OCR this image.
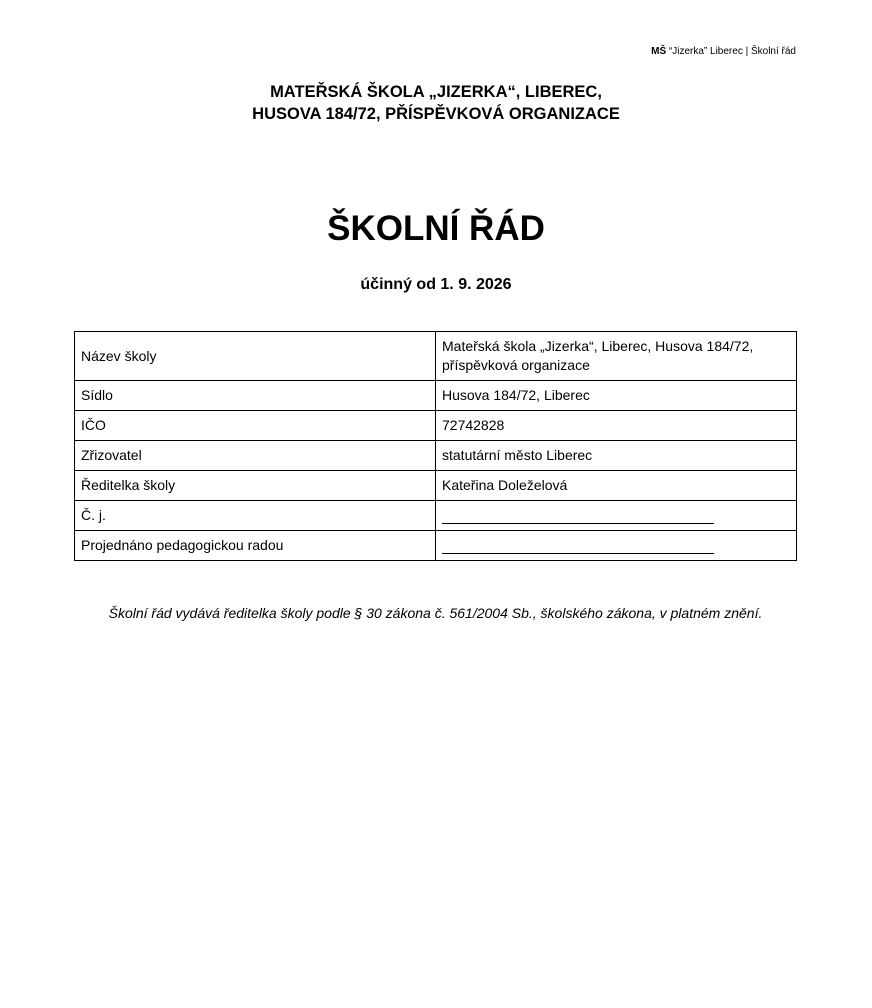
MŠ “Jizerka” Liberec | Školní řád
MATEŘSKÁ ŠKOLA „JIZERKA“, LIBEREC,
HUSOVA 184/72, PŘÍSPĚVKOVÁ ORGANIZACE
ŠKOLNÍ ŘÁD
účinný od 1. 9. 2026
Název školy	Mateřská škola „Jizerka“, Liberec, Husova 184/72, příspěvková organizace
Sídlo	Husova 184/72, Liberec
IČO	72742828
Zřizovatel	statutární město Liberec
Ředitelka školy	Kateřina Doleželová
Č. j.	
Projednáno pedagogickou radou	
Školní řád vydává ředitelka školy podle § 30 zákona č. 561/2004 Sb., školského zákona, v platném znění.
